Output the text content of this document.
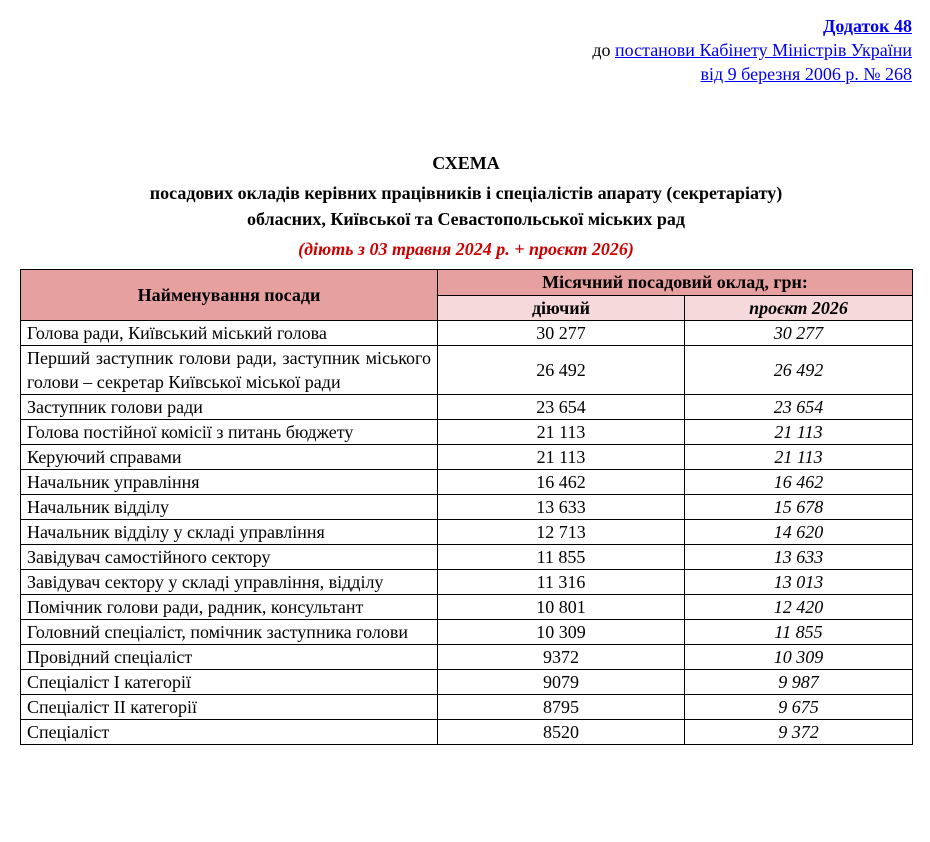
Додаток 48
до постанови Кабінету Міністрів України
від 9 березня 2006 р. № 268
СХЕМА
посадових окладів керівних працівників і спеціалістів апарату (секретаріату)
обласних, Київської та Севастопольської міських рад
(діють з 03 травня 2024 р. + проєкт 2026)
Найменування посади	Місячний посадовий оклад, грн:	
	діючий	проєкт 2026
Голова ради, Київський міський голова	30 277	30 277
Перший заступник голови ради, заступник міського голови – секретар Київської міської ради	26 492	26 492
Заступник голови ради	23 654	23 654
Голова постійної комісії з питань бюджету	21 113	21 113
Керуючий справами	21 113	21 113
Начальник управління	16 462	16 462
Начальник відділу	13 633	15 678
Начальник відділу у складі управління	12 713	14 620
Завідувач самостійного сектору	11 855	13 633
Завідувач сектору у складі управління, відділу	11 316	13 013
Помічник голови ради, радник, консультант	10 801	12 420
Головний спеціаліст, помічник заступника голови	10 309	11 855
Провідний спеціаліст	9372	10 309
Спеціаліст I категорії	9079	9 987
Спеціаліст II категорії	8795	9 675
Спеціаліст	8520	9 372
